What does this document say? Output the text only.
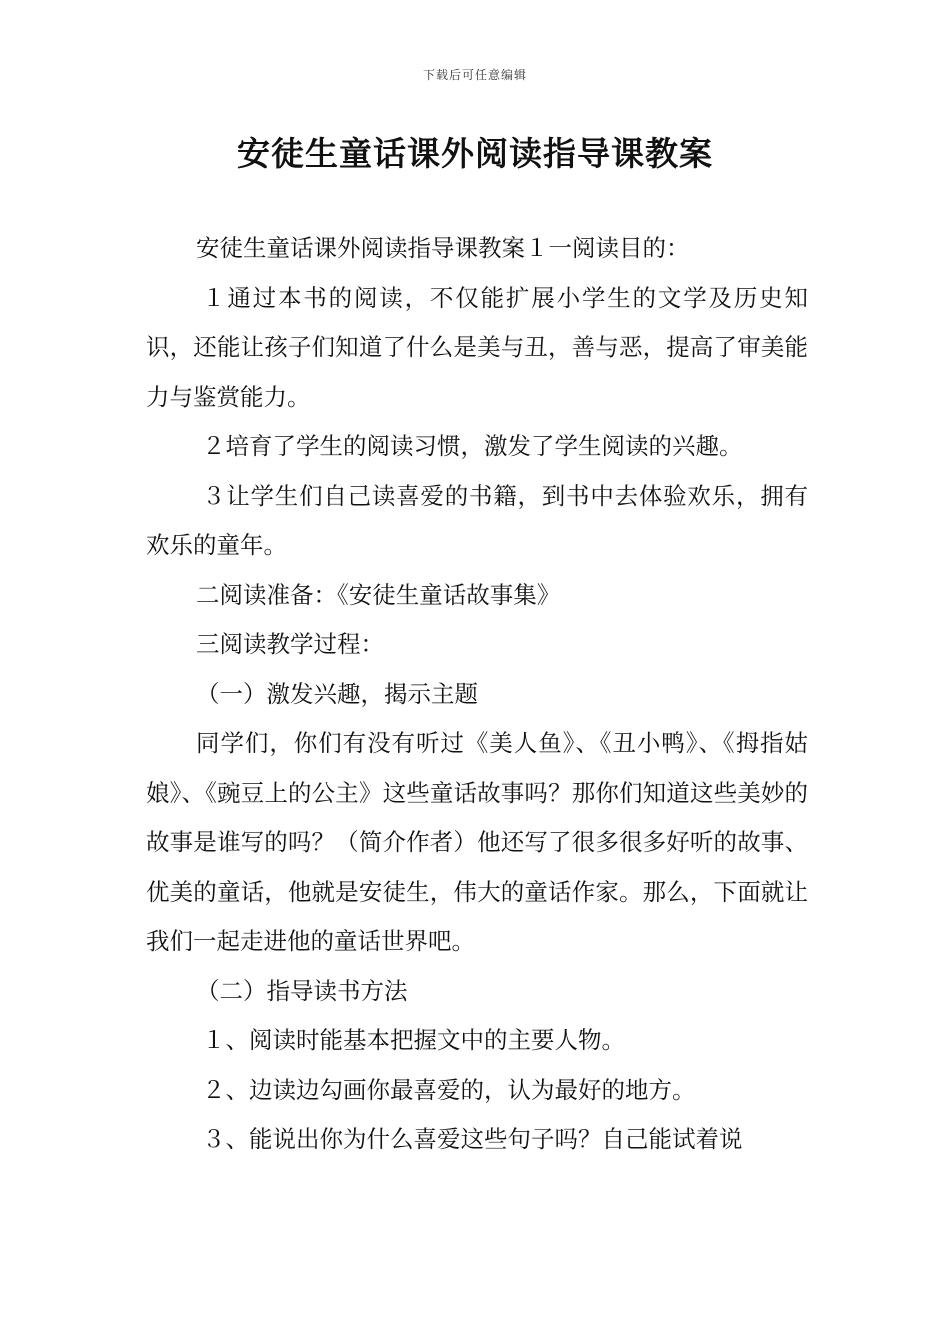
下载后可任意编辑
安徒生童话课外阅读指导课教案

安徒生童话课外阅读指导课教案１一阅读目的：

１通过本书的阅读，不仅能扩展小学生的文学及历史知识，还能让孩子们知道了什么是美与丑，善与恶，提高了审美能力与鉴赏能力。

２培育了学生的阅读习惯，激发了学生阅读的兴趣。

３让学生们自己读喜爱的书籍，到书中去体验欢乐，拥有欢乐的童年。

二阅读准备：《安徒生童话故事集》

三阅读教学过程：

（一）激发兴趣，揭示主题

同学们，你们有没有听过《美人鱼》、《丑小鸭》、《拇指姑娘》、《豌豆上的公主》这些童话故事吗？那你们知道这些美妙的故事是谁写的吗？（简介作者）他还写了很多很多好听的故事、优美的童话，他就是安徒生，伟大的童话作家。那么，下面就让我们一起走进他的童话世界吧。

（二）指导读书方法

１、阅读时能基本把握文中的主要人物。

２、边读边勾画你最喜爱的，认为最好的地方。

３、能说出你为什么喜爱这些句子吗？自己能试着说
